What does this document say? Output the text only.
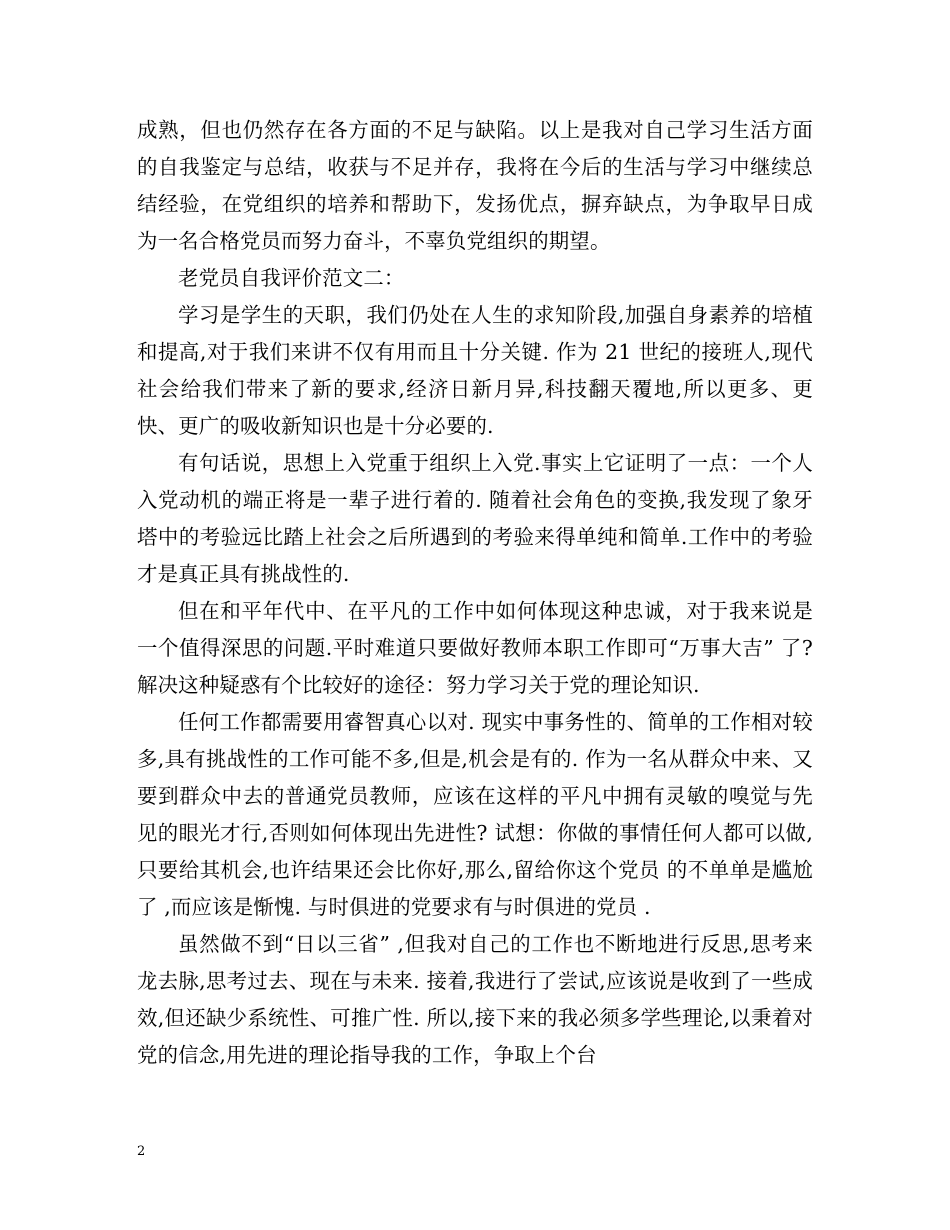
成熟，但也仍然存在各方面的不足与缺陷。以上是我对自己学习生活方面的自我鉴定与总结，收获与不足并存，我将在今后的生活与学习中继续总结经验，在党组织的培养和帮助下，发扬优点，摒弃缺点，为争取早日成为一名合格党员而努力奋斗，不辜负党组织的期望。

老党员自我评价范文二：

学习是学生的天职，我们仍处在人生的求知阶段,加强自身素养的培植和提高,对于我们来讲不仅有用而且十分关键. 作为 21 世纪的接班人,现代社会给我们带来了新的要求,经济日新月异,科技翻天覆地,所以更多、更快、更广的吸收新知识也是十分必要的.

有句话说，思想上入党重于组织上入党.事实上它证明了一点：一个人入党动机的端正将是一辈子进行着的. 随着社会角色的变换,我发现了象牙塔中的考验远比踏上社会之后所遇到的考验来得单纯和简单.工作中的考验才是真正具有挑战性的.

但在和平年代中、在平凡的工作中如何体现这种忠诚，对于我来说是一个值得深思的问题.平时难道只要做好教师本职工作即可“万事大吉” 了?解决这种疑惑有个比较好的途径：努力学习关于党的理论知识.

任何工作都需要用睿智真心以对. 现实中事务性的、简单的工作相对较多,具有挑战性的工作可能不多,但是,机会是有的. 作为一名从群众中来、又要到群众中去的普通党员教师，应该在这样的平凡中拥有灵敏的嗅觉与先见的眼光才行,否则如何体现出先进性? 试想：你做的事情任何人都可以做,只要给其机会,也许结果还会比你好,那么,留给你这个党员 的不单单是尴尬了 ,而应该是惭愧. 与时俱进的党要求有与时俱进的党员 .

虽然做不到“日以三省” ,但我对自己的工作也不断地进行反思,思考来龙去脉,思考过去、现在与未来. 接着,我进行了尝试,应该说是收到了一些成效,但还缺少系统性、可推广性. 所以,接下来的我必须多学些理论,以秉着对党的信念,用先进的理论指导我的工作，争取上个台

2
